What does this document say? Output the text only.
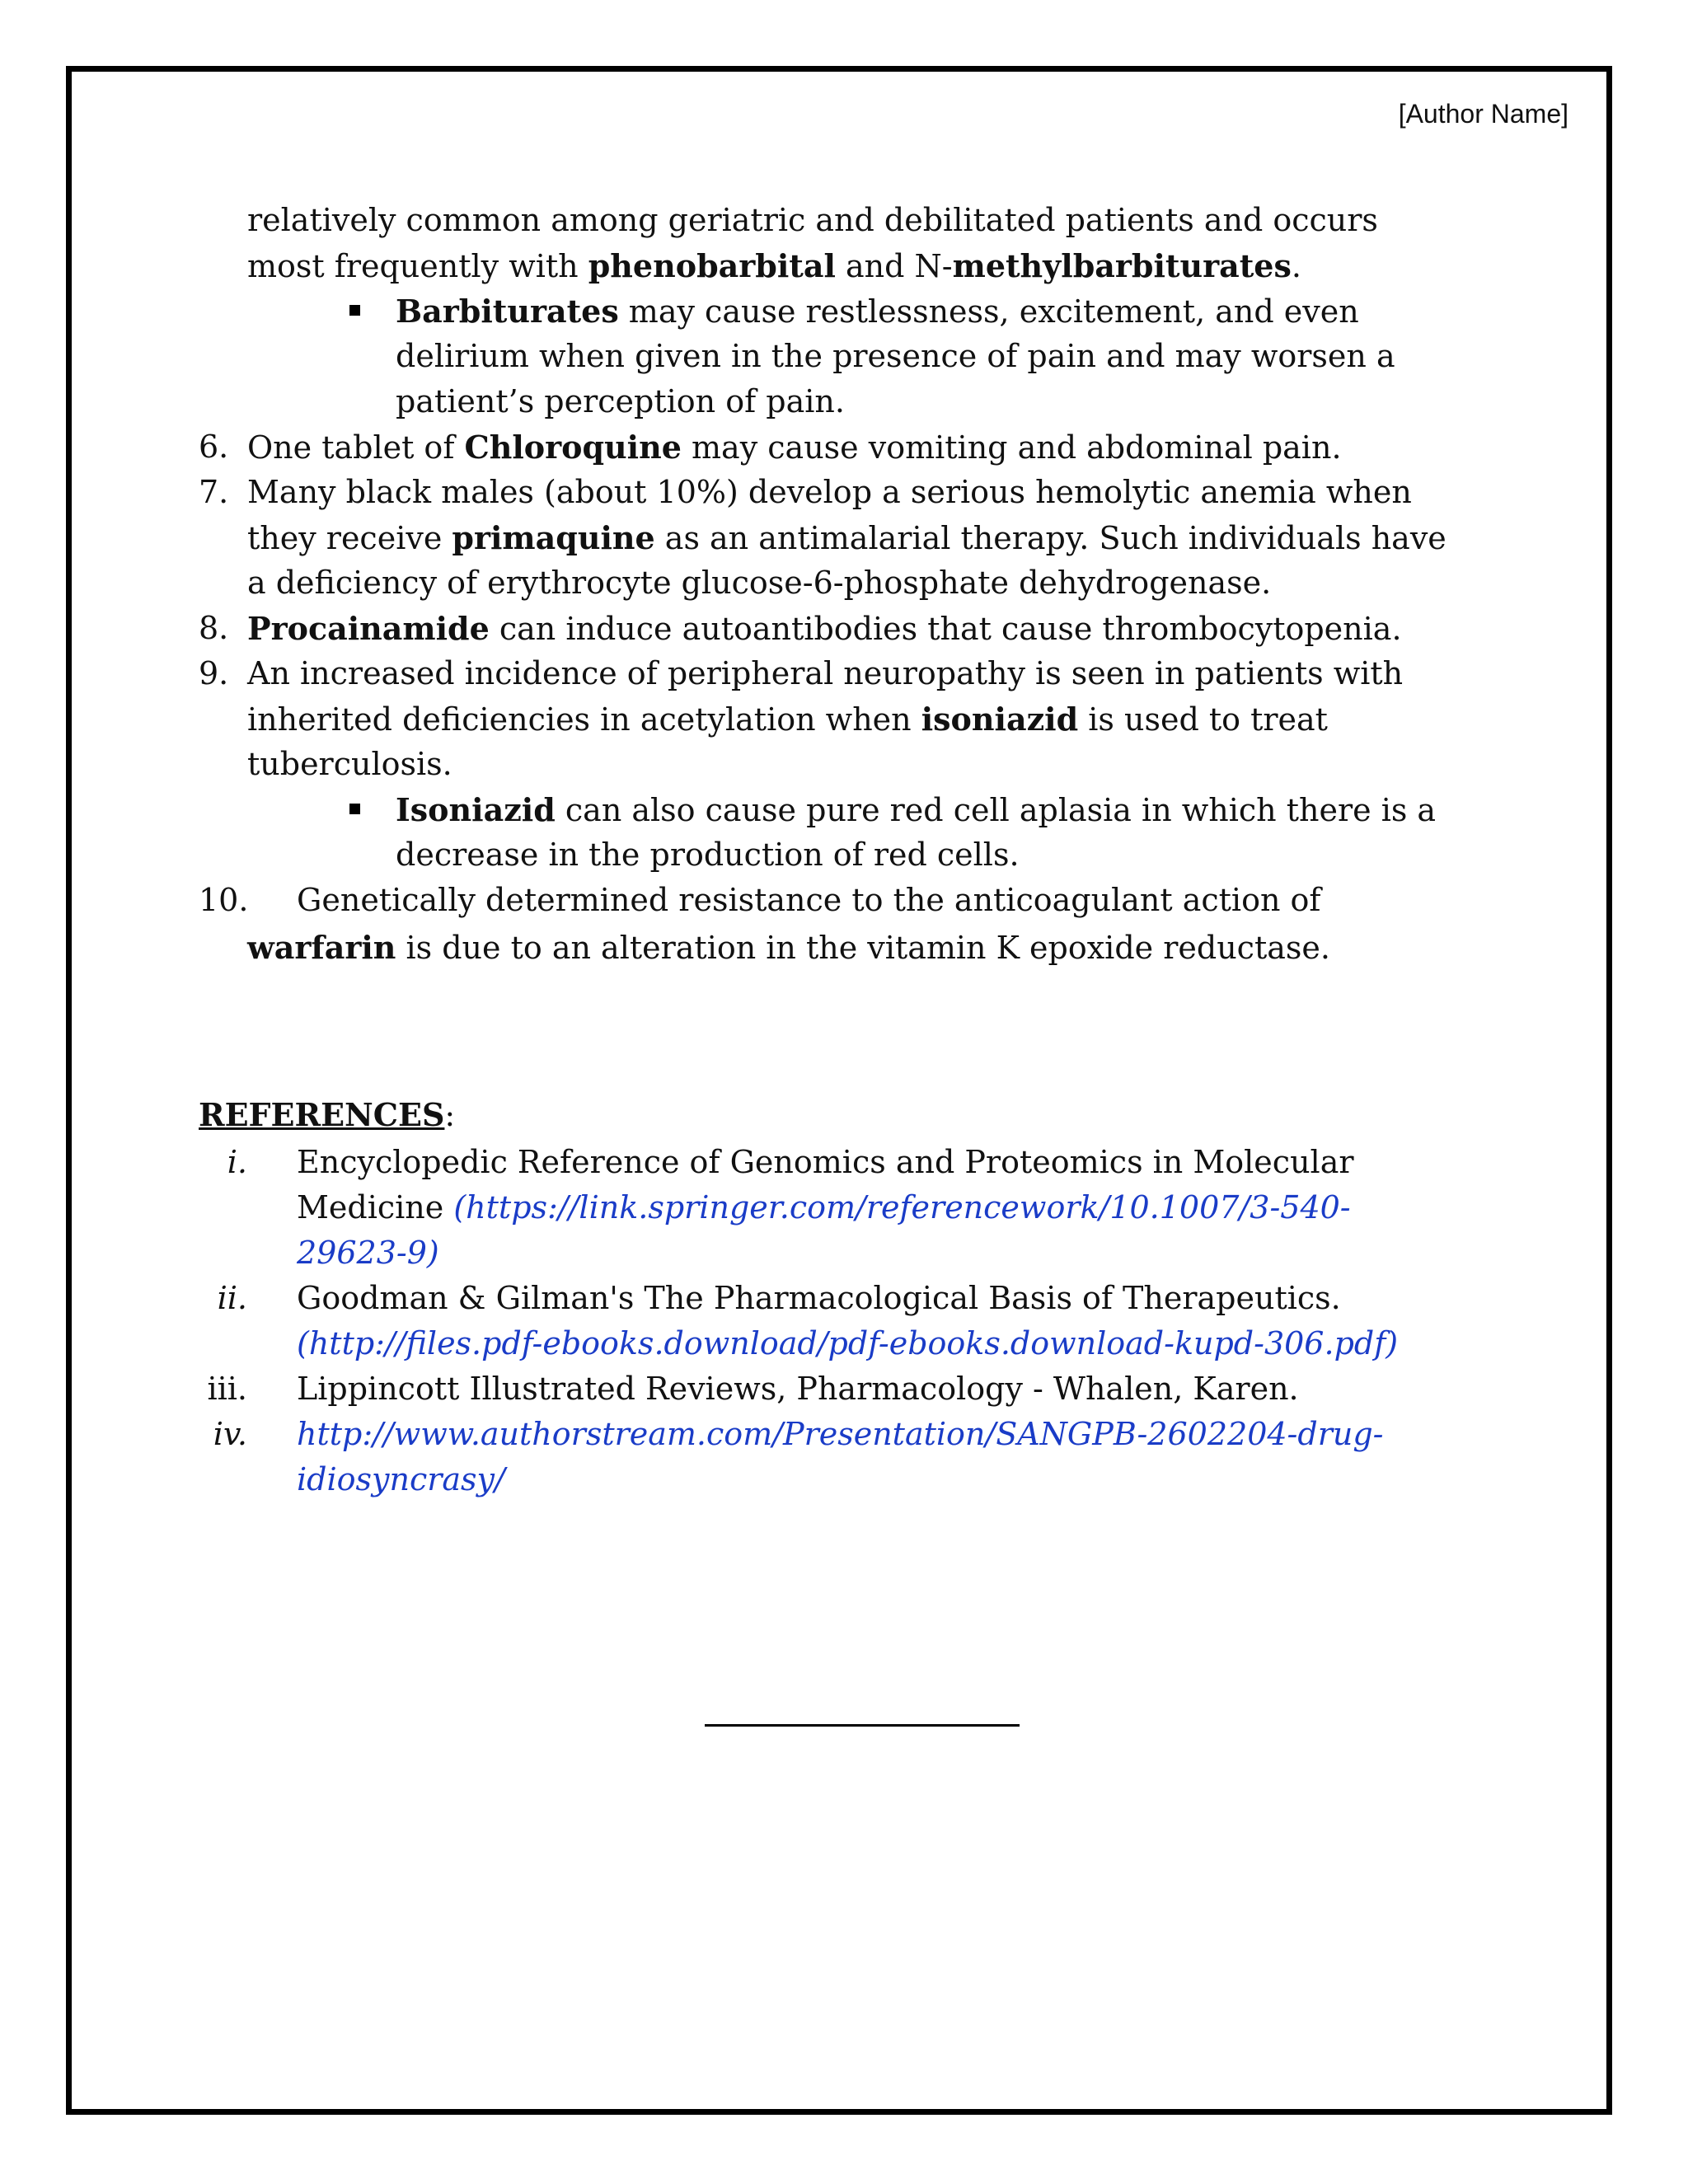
[Author Name]
relatively common among geriatric and debilitated patients and occurs
most frequently with phenobarbital and N-methylbarbiturates.
Barbiturates may cause restlessness, excitement, and even
delirium when given in the presence of pain and may worsen a
patient’s perception of pain.
6. One tablet of Chloroquine may cause vomiting and abdominal pain.
7. Many black males (about 10%) develop a serious hemolytic anemia when
they receive primaquine as an antimalarial therapy. Such individuals have
a deficiency of erythrocyte glucose-6-phosphate dehydrogenase.
8. Procainamide can induce autoantibodies that cause thrombocytopenia.
9. An increased incidence of peripheral neuropathy is seen in patients with
inherited deficiencies in acetylation when isoniazid is used to treat
tuberculosis.
Isoniazid can also cause pure red cell aplasia in which there is a
decrease in the production of red cells.
10. Genetically determined resistance to the anticoagulant action of
warfarin is due to an alteration in the vitamin K epoxide reductase.
REFERENCES:
i. Encyclopedic Reference of Genomics and Proteomics in Molecular
Medicine (https://link.springer.com/referencework/10.1007/3-540-
29623-9)
ii. Goodman & Gilman's The Pharmacological Basis of Therapeutics.
(http://files.pdf-ebooks.download/pdf-ebooks.download-kupd-306.pdf)
iii. Lippincott Illustrated Reviews, Pharmacology - Whalen, Karen.
iv. http://www.authorstream.com/Presentation/SANGPB-2602204-drug-
idiosyncrasy/
